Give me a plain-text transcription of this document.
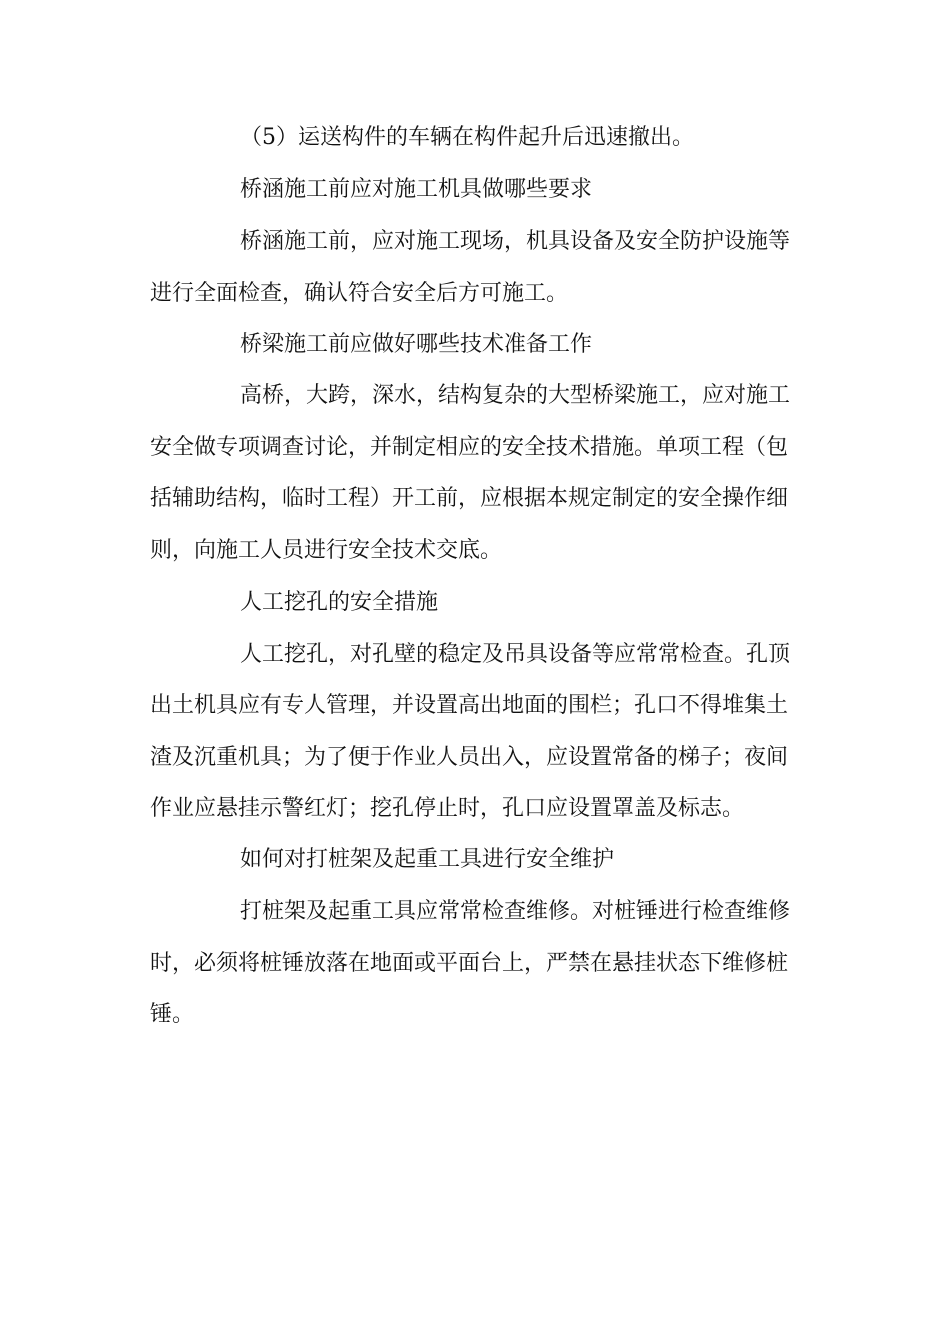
（5）运送构件的车辆在构件起升后迅速撤出。
桥涵施工前应对施工机具做哪些要求
桥涵施工前，应对施工现场，机具设备及安全防护设施等
进行全面检查，确认符合安全后方可施工。
桥梁施工前应做好哪些技术准备工作
高桥，大跨，深水，结构复杂的大型桥梁施工，应对施工
安全做专项调查讨论，并制定相应的安全技术措施。单项工程（包
括辅助结构，临时工程）开工前，应根据本规定制定的安全操作细
则，向施工人员进行安全技术交底。
人工挖孔的安全措施
人工挖孔，对孔壁的稳定及吊具设备等应常常检查。孔顶
出土机具应有专人管理，并设置高出地面的围栏；孔口不得堆集土
渣及沉重机具；为了便于作业人员出入，应设置常备的梯子；夜间
作业应悬挂示警红灯；挖孔停止时，孔口应设置罩盖及标志。
如何对打桩架及起重工具进行安全维护
打桩架及起重工具应常常检查维修。对桩锤进行检查维修
时，必须将桩锤放落在地面或平面台上，严禁在悬挂状态下维修桩
锤。
